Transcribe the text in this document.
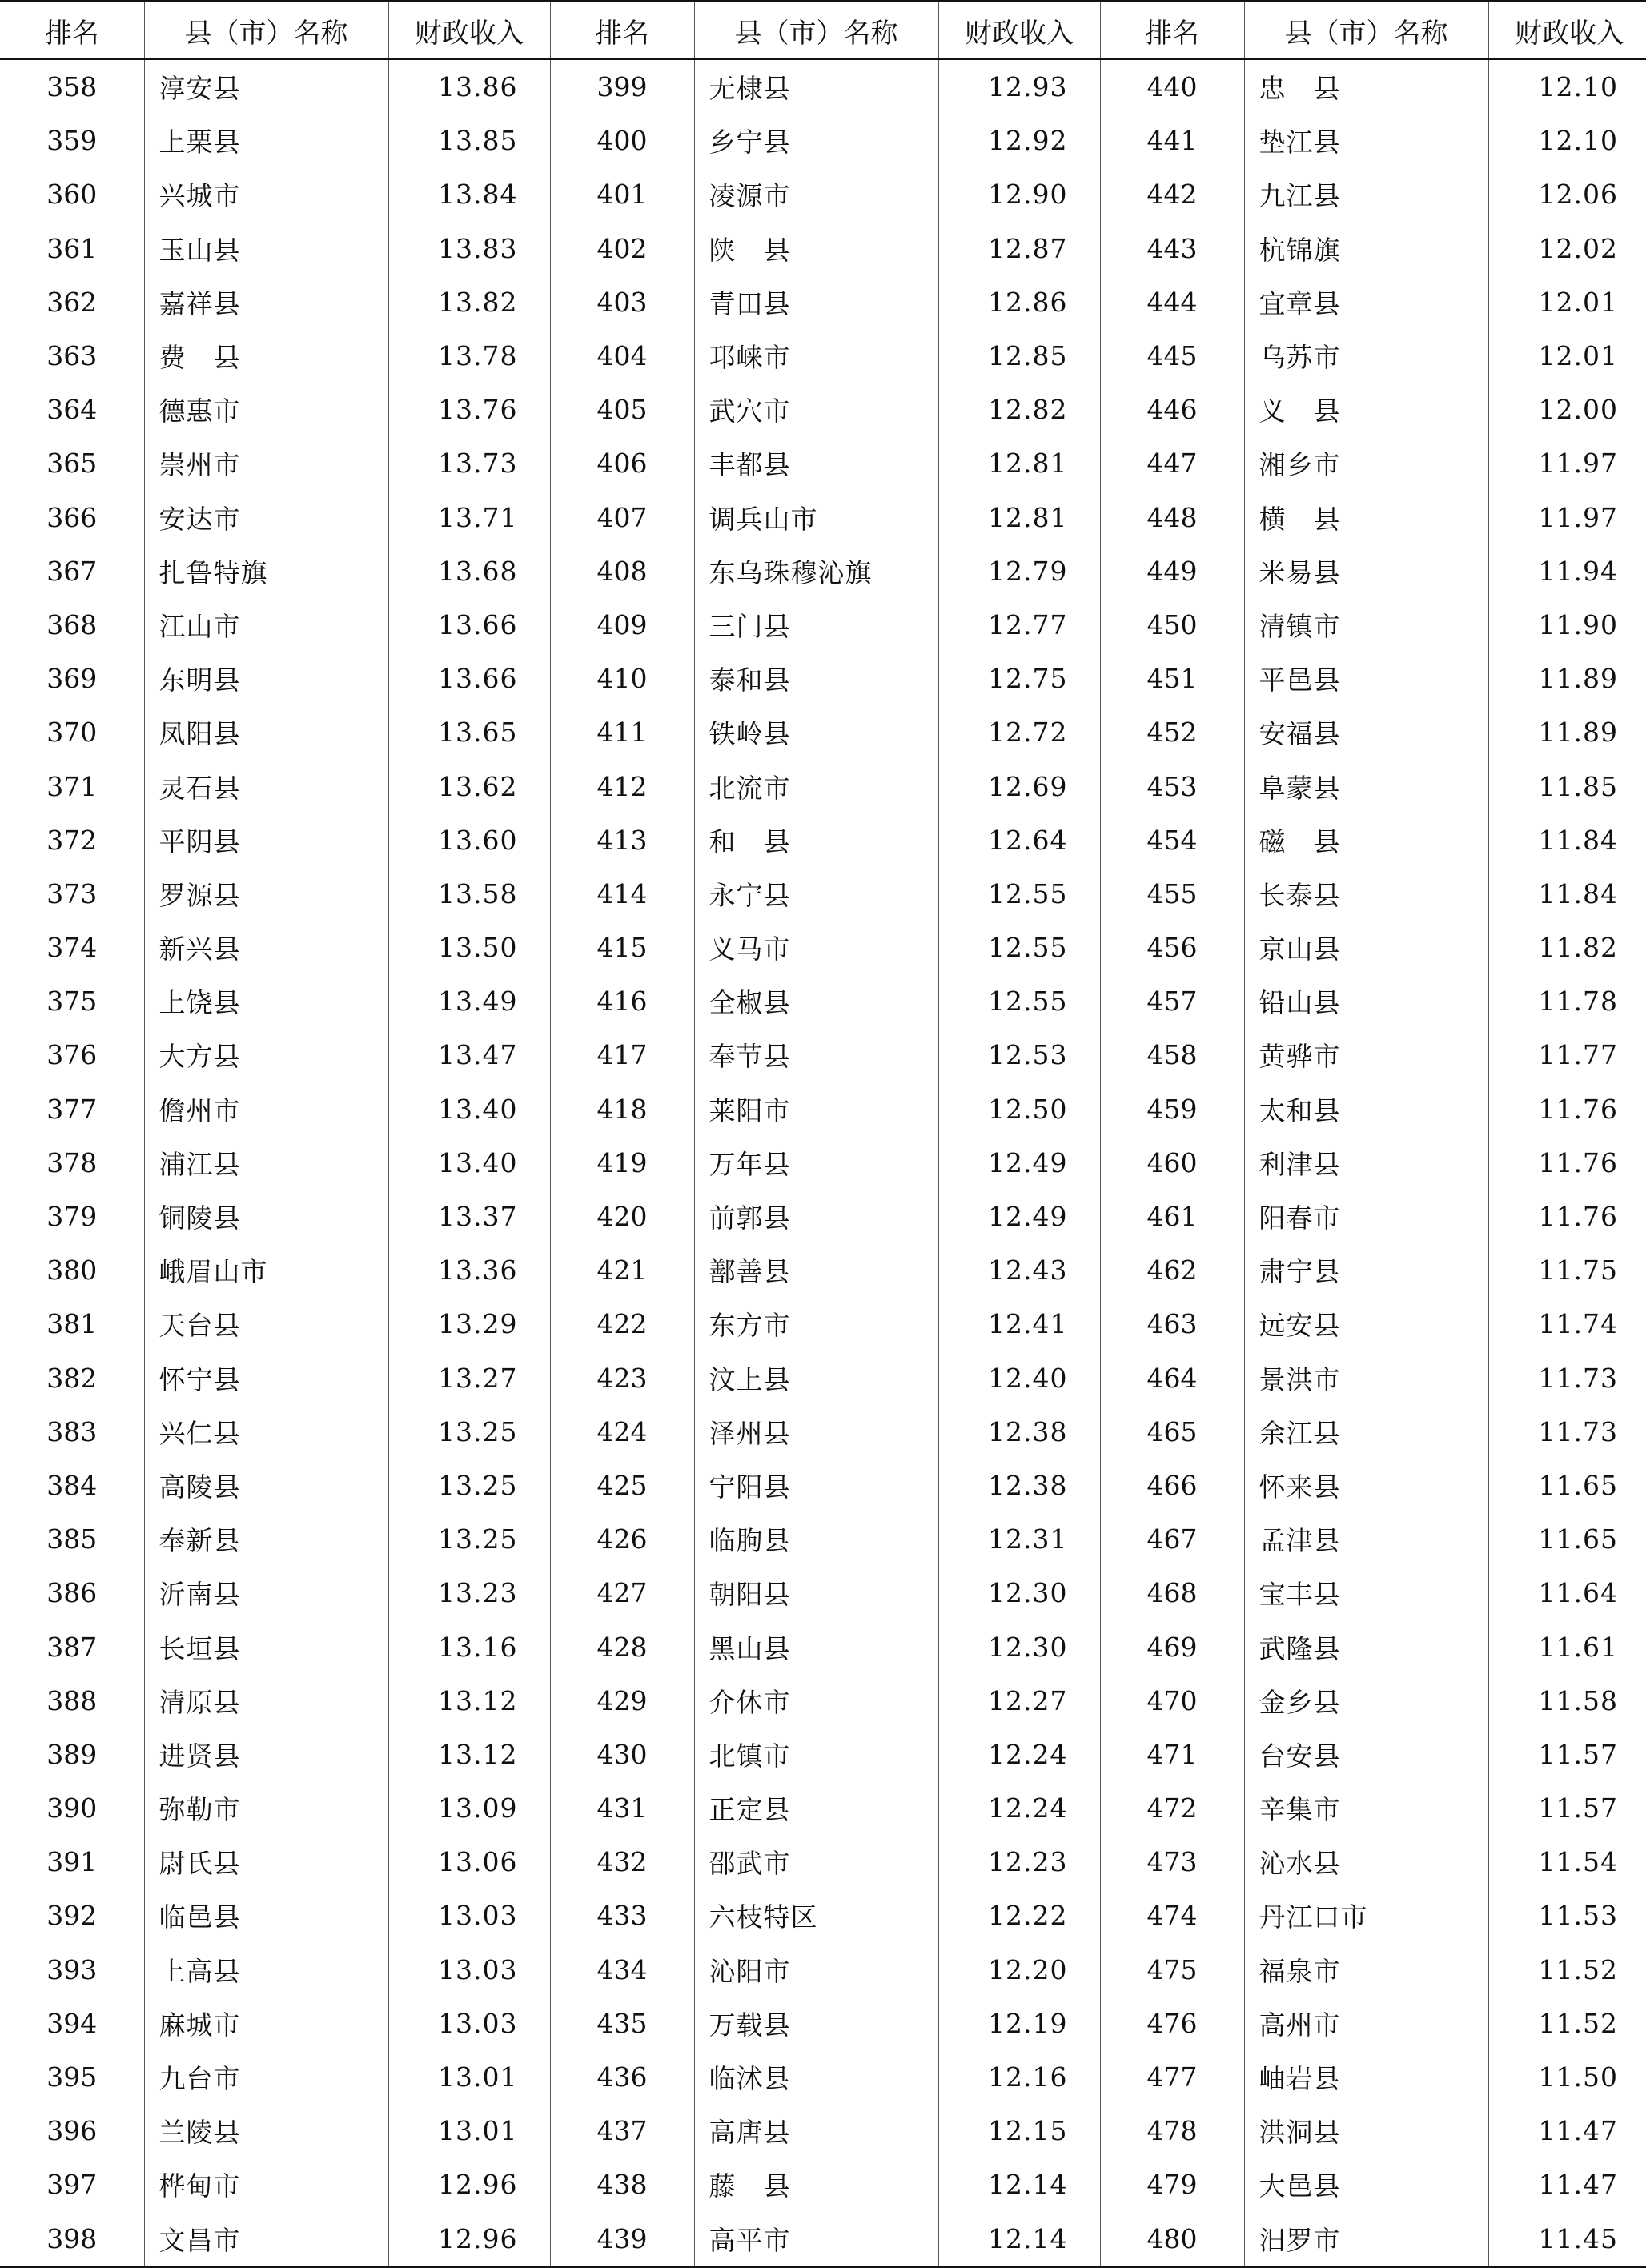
排名	县（市）名称	财政收入	排名	县（市）名称	财政收入	排名	县（市）名称	财政收入
358	淳安县	13.86	399	无棣县	12.93	440	忠　县	12.10
359	上栗县	13.85	400	乡宁县	12.92	441	垫江县	12.10
360	兴城市	13.84	401	凌源市	12.90	442	九江县	12.06
361	玉山县	13.83	402	陕　县	12.87	443	杭锦旗	12.02
362	嘉祥县	13.82	403	青田县	12.86	444	宜章县	12.01
363	费　县	13.78	404	邛崃市	12.85	445	乌苏市	12.01
364	德惠市	13.76	405	武穴市	12.82	446	义　县	12.00
365	崇州市	13.73	406	丰都县	12.81	447	湘乡市	11.97
366	安达市	13.71	407	调兵山市	12.81	448	横　县	11.97
367	扎鲁特旗	13.68	408	东乌珠穆沁旗	12.79	449	米易县	11.94
368	江山市	13.66	409	三门县	12.77	450	清镇市	11.90
369	东明县	13.66	410	泰和县	12.75	451	平邑县	11.89
370	凤阳县	13.65	411	铁岭县	12.72	452	安福县	11.89
371	灵石县	13.62	412	北流市	12.69	453	阜蒙县	11.85
372	平阴县	13.60	413	和　县	12.64	454	磁　县	11.84
373	罗源县	13.58	414	永宁县	12.55	455	长泰县	11.84
374	新兴县	13.50	415	义马市	12.55	456	京山县	11.82
375	上饶县	13.49	416	全椒县	12.55	457	铅山县	11.78
376	大方县	13.47	417	奉节县	12.53	458	黄骅市	11.77
377	儋州市	13.40	418	莱阳市	12.50	459	太和县	11.76
378	浦江县	13.40	419	万年县	12.49	460	利津县	11.76
379	铜陵县	13.37	420	前郭县	12.49	461	阳春市	11.76
380	峨眉山市	13.36	421	鄯善县	12.43	462	肃宁县	11.75
381	天台县	13.29	422	东方市	12.41	463	远安县	11.74
382	怀宁县	13.27	423	汶上县	12.40	464	景洪市	11.73
383	兴仁县	13.25	424	泽州县	12.38	465	余江县	11.73
384	高陵县	13.25	425	宁阳县	12.38	466	怀来县	11.65
385	奉新县	13.25	426	临朐县	12.31	467	孟津县	11.65
386	沂南县	13.23	427	朝阳县	12.30	468	宝丰县	11.64
387	长垣县	13.16	428	黑山县	12.30	469	武隆县	11.61
388	清原县	13.12	429	介休市	12.27	470	金乡县	11.58
389	进贤县	13.12	430	北镇市	12.24	471	台安县	11.57
390	弥勒市	13.09	431	正定县	12.24	472	辛集市	11.57
391	尉氏县	13.06	432	邵武市	12.23	473	沁水县	11.54
392	临邑县	13.03	433	六枝特区	12.22	474	丹江口市	11.53
393	上高县	13.03	434	沁阳市	12.20	475	福泉市	11.52
394	麻城市	13.03	435	万载县	12.19	476	高州市	11.52
395	九台市	13.01	436	临沭县	12.16	477	岫岩县	11.50
396	兰陵县	13.01	437	高唐县	12.15	478	洪洞县	11.47
397	桦甸市	12.96	438	藤　县	12.14	479	大邑县	11.47
398	文昌市	12.96	439	高平市	12.14	480	汨罗市	11.45
